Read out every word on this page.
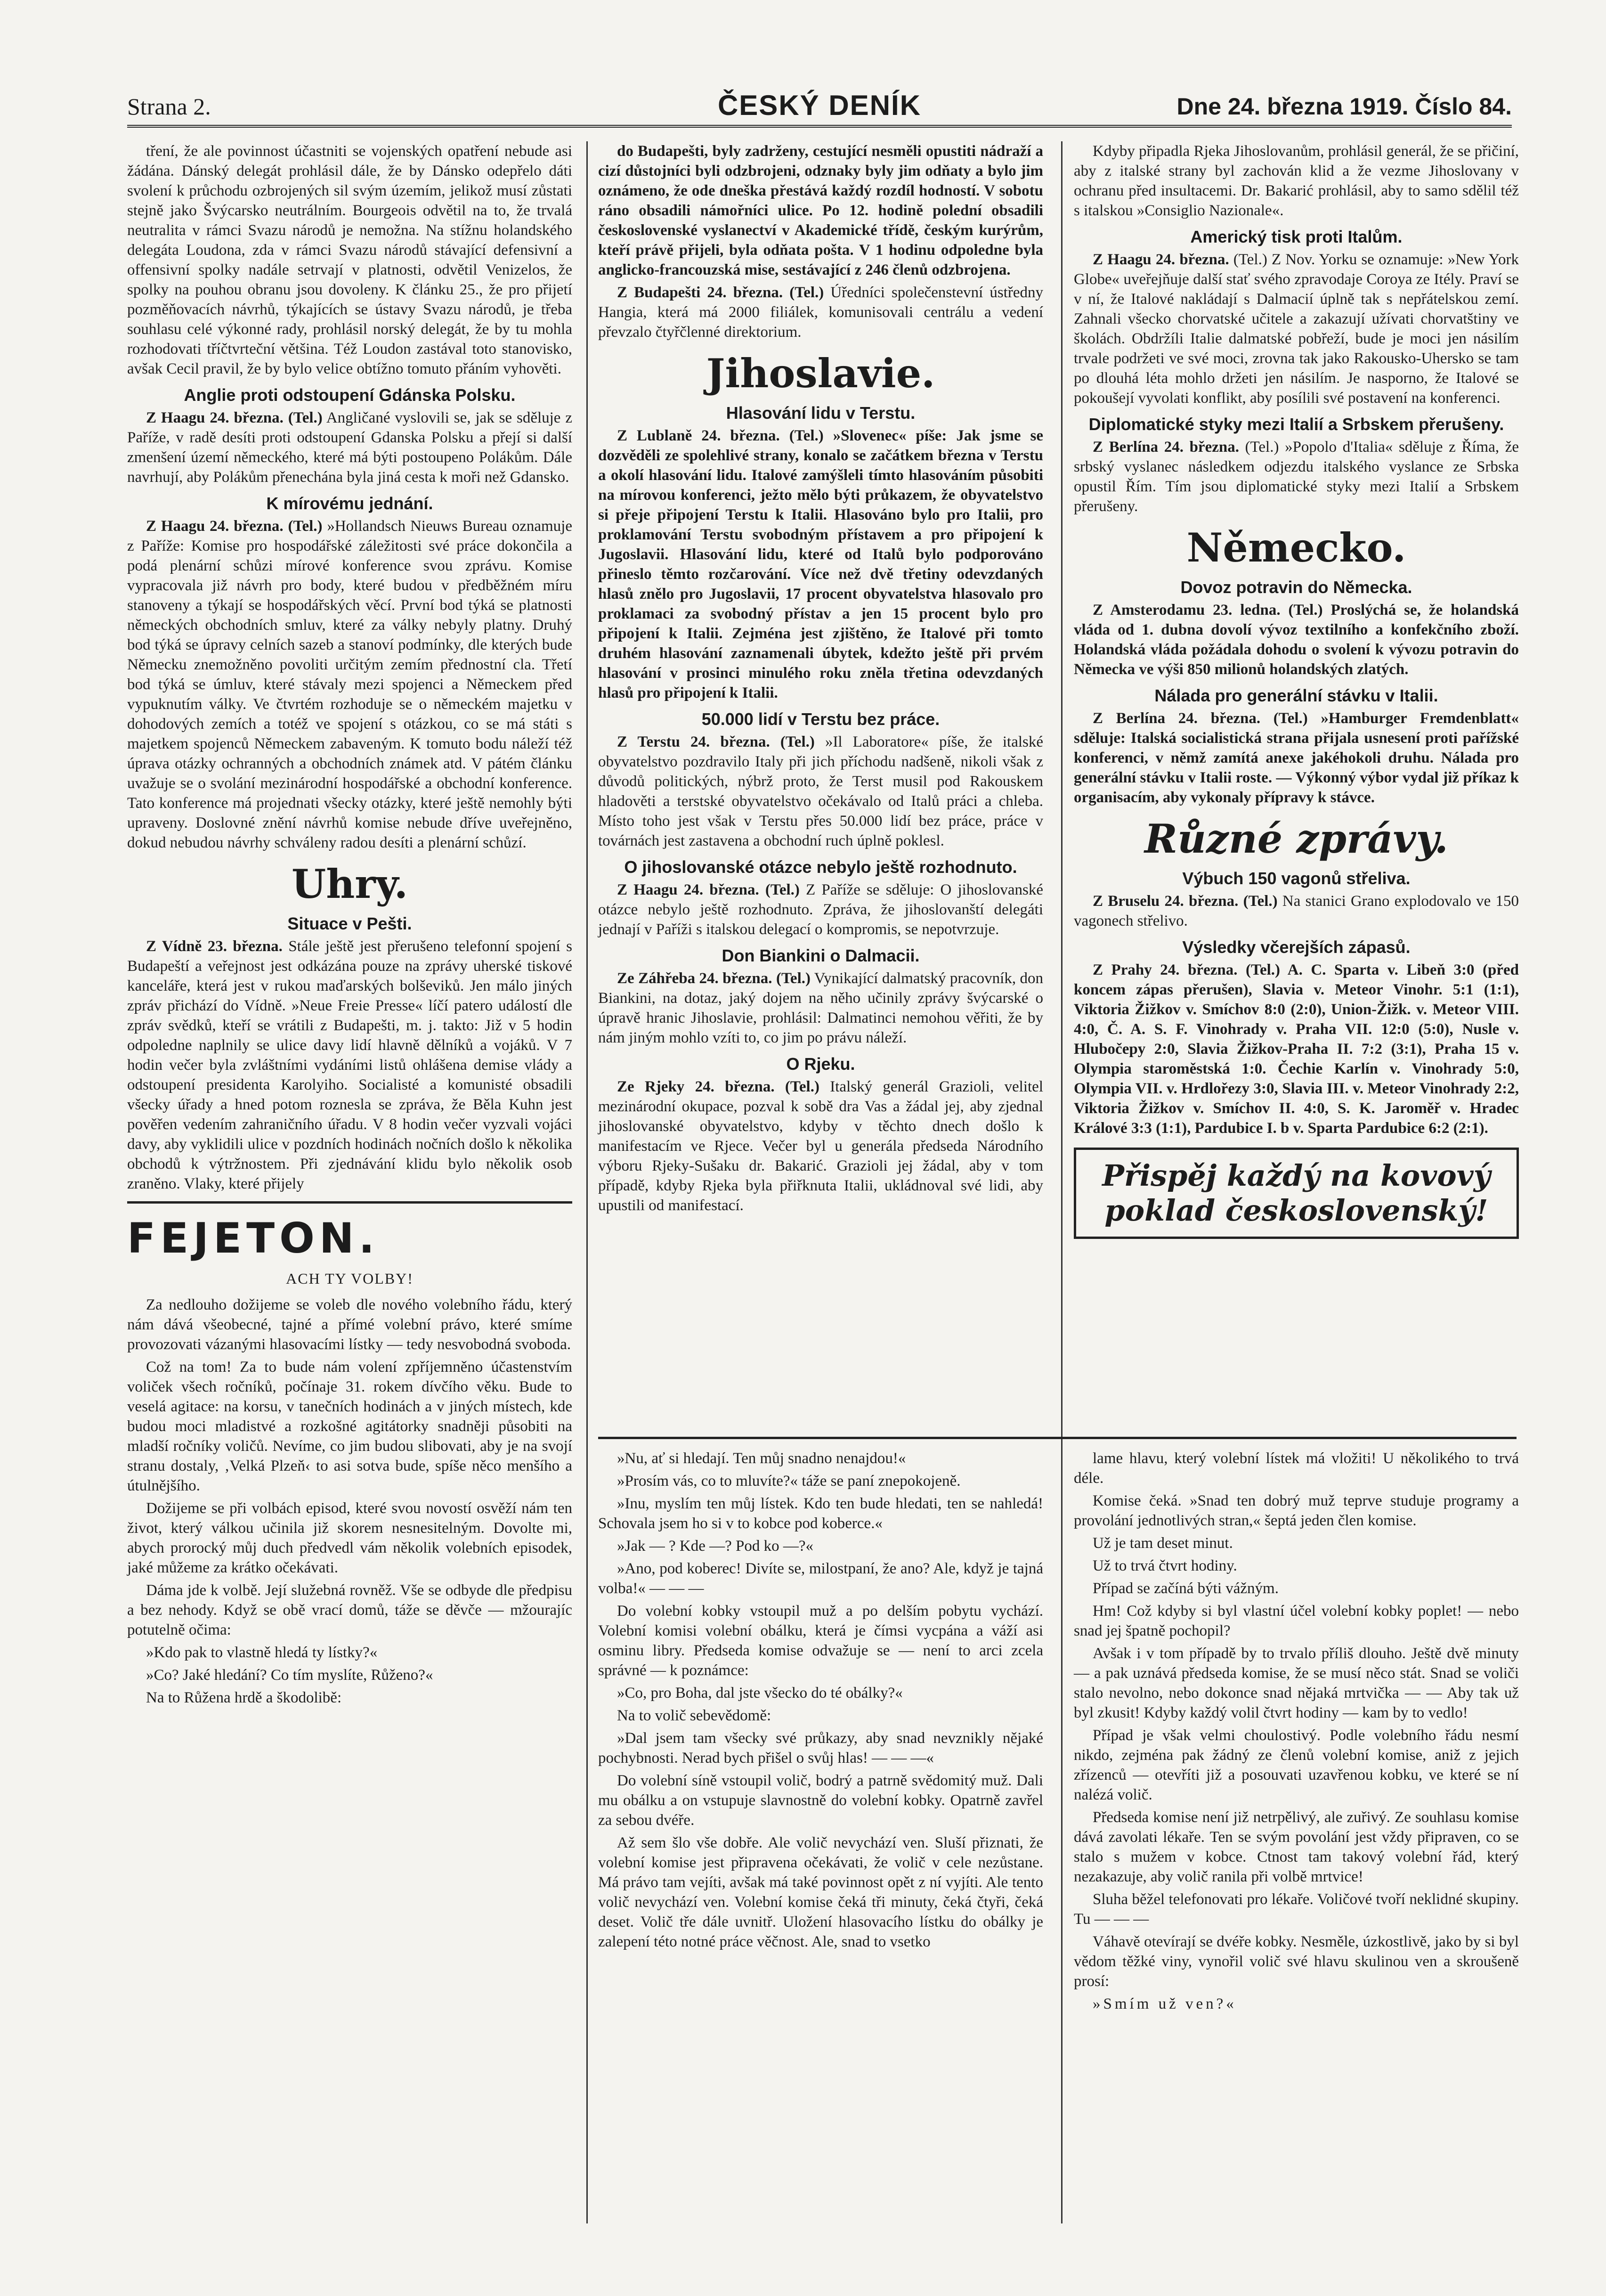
Strana 2.	ČESKÝ DENÍK	Dne 24. března 1919. Číslo 84.

tření, že ale povinnost účastniti se vojenských opatření nebude asi žádána. Dánský delegát prohlásil dále, že by Dánsko odepřelo dáti svolení k průchodu ozbrojených sil svým územím, jelikož musí zůstati stejně jako Švýcarsko neutrálním. Bourgeois odvětil na to, že trvalá neutralita v rámci Svazu národů je nemožna. Na stížnu holandského delegáta Loudona, zda v rámci Svazu národů stávající defensivní a offensivní spolky nadále setrvají v platnosti, odvětil Venizelos, že spolky na pouhou obranu jsou dovoleny. K článku 25., že pro přijetí pozměňovacích návrhů, týkajících se ústavy Svazu národů, je třeba souhlasu celé výkonné rady, prohlásil norský delegát, že by tu mohla rozhodovati tříčtvrteční většina. Též Loudon zastával toto stanovisko, avšak Cecil pravil, že by bylo velice obtížno tomuto přáním vyhověti.

Anglie proti odstoupení Gdánska Polsku.

Z Haagu 24. března. (Tel.) Angličané vyslovili se, jak se sděluje z Paříže, v radě desíti proti odstoupení Gdanska Polsku a přejí si další zmenšení území německého, které má býti postoupeno Polákům. Dále navrhují, aby Polákům přenechána byla jiná cesta k moři než Gdansko.

K mírovému jednání.

Z Haagu 24. března. (Tel.) »Hollandsch Nieuws Bureau oznamuje z Paříže: Komise pro hospodářské záležitosti své práce dokončila a podá plenární schůzi mírové konference svou zprávu. Komise vypracovala již návrh pro body, které budou v předběžném míru stanoveny a týkají se hospodářských věcí. První bod týká se platnosti německých obchodních smluv, které za války nebyly platny. Druhý bod týká se úpravy celních sazeb a stanoví podmínky, dle kterých bude Německu znemožněno povoliti určitým zemím přednostní cla. Třetí bod týká se úmluv, které stávaly mezi spojenci a Německem před vypuknutím války. Ve čtvrtém rozhoduje se o německém majetku v dohodových zemích a totéž ve spojení s otázkou, co se má státi s majetkem spojenců Německem zabaveným. K tomuto bodu náleží též úprava otázky ochranných a obchodních známek atd. V pátém článku uvažuje se o svolání mezinárodní hospodářské a obchodní konference. Tato konference má projednati všecky otázky, které ještě nemohly býti upraveny. Doslovné znění návrhů komise nebude dříve uveřejněno, dokud nebudou návrhy schváleny radou desíti a plenární schůzí.

Uhry.
Situace v Pešti.

Z Vídně 23. března. Stále ještě jest přerušeno telefonní spojení s Budapeští a veřejnost jest odkázána pouze na zprávy uherské tiskové kanceláře, která jest v rukou maďarských bolševiků. Jen málo jiných zpráv přichází do Vídně. »Neue Freie Presse« líčí patero událostí dle zpráv svědků, kteří se vrátili z Budapešti, m. j. takto: Již v 5 hodin odpoledne naplnily se ulice davy lidí hlavně dělníků a vojáků. V 7 hodin večer byla zvláštními vydáními listů ohlášena demise vlády a odstoupení presidenta Karolyiho. Socialisté a komunisté obsadili všecky úřady a hned potom roznesla se zpráva, že Běla Kuhn jest pověřen vedením zahraničního úřadu. V 8 hodin večer vyzvali vojáci davy, aby vyklidili ulice v pozdních hodinách nočních došlo k několika obchodů k výtržnostem. Při zjednávání klidu bylo několik osob zraněno. Vlaky, které přijely

FEJETON.
ACH TY VOLBY!

Za nedlouho dožijeme se voleb dle nového volebního řádu, který nám dává všeobecné, tajné a přímé volební právo, které smíme provozovati vázanými hlasovacími lístky — tedy nesvobodná svoboda.

Což na tom! Za to bude nám volení zpříjemněno účastenstvím voliček všech ročníků, počínaje 31. rokem dívčího věku. Bude to veselá agitace: na korsu, v tanečních hodinách a v jiných místech, kde budou moci mladistvé a rozkošné agitátorky snadněji působiti na mladší ročníky voličů. Nevíme, co jim budou slibovati, aby je na svojí stranu dostaly, ‚Velká Plzeň‹ to asi sotva bude, spíše něco menšího a útulnějšího.

Dožijeme se při volbách episod, které svou novostí osvěží nám ten život, který válkou učinila již skorem nesnesitelným. Dovolte mi, abych prorocký můj duch předvedl vám několik volebních episodek, jaké můžeme za krátko očekávati.

Dáma jde k volbě. Její služebná rovněž. Vše se odbyde dle předpisu a bez nehody. Když se obě vrací domů, táže se děvče — mžourajíc potutelně očima:

»Kdo pak to vlastně hledá ty lístky?«

»Co? Jaké hledání? Co tím myslíte, Růženo?«

Na to Růžena hrdě a škodolibě:

do Budapešti, byly zadrženy, cestující nesměli opustiti nádraží a cizí důstojníci byli odzbrojeni, odznaky byly jim odňaty a bylo jim oznámeno, že ode dneška přestává každý rozdíl hodností. V sobotu ráno obsadili námořníci ulice. Po 12. hodině polední obsadili československé vyslanectví v Akademické třídě, českým kurýrům, kteří právě přijeli, byla odňata pošta. V 1 hodinu odpoledne byla anglicko-francouzská mise, sestávající z 246 členů odzbrojena.

Z Budapešti 24. března. (Tel.) Úředníci společenstevní ústředny Hangia, která má 2000 filiálek, komunisovali centrálu a vedení převzalo čtyřčlenné direktorium.

Jihoslavie.
Hlasování lidu v Terstu.

Z Lublaně 24. března. (Tel.) »Slovenec« píše: Jak jsme se dozvěděli ze spolehlivé strany, konalo se začátkem března v Terstu a okolí hlasování lidu. Italové zamýšleli tímto hlasováním působiti na mírovou konferenci, ježto mělo býti průkazem, že obyvatelstvo si přeje připojení Terstu k Italii. Hlasováno bylo pro Italii, pro proklamování Terstu svobodným přístavem a pro připojení k Jugoslavii. Hlasování lidu, které od Italů bylo podporováno přineslo těmto rozčarování. Více než dvě třetiny odevzdaných hlasů znělo pro Jugoslavii, 17 procent obyvatelstva hlasovalo pro proklamaci za svobodný přístav a jen 15 procent bylo pro připojení k Italii. Zejména jest zjištěno, že Italové při tomto druhém hlasování zaznamenali úbytek, kdežto ještě při prvém hlasování v prosinci minulého roku zněla třetina odevzdaných hlasů pro připojení k Italii.

50.000 lidí v Terstu bez práce.

Z Terstu 24. března. (Tel.) »Il Laboratore« píše, že italské obyvatelstvo pozdravilo Italy při jich příchodu nadšeně, nikoli však z důvodů politických, nýbrž proto, že Terst musil pod Rakouskem hladověti a terstské obyvatelstvo očekávalo od Italů práci a chleba. Místo toho jest však v Terstu přes 50.000 lidí bez práce, práce v továrnách jest zastavena a obchodní ruch úplně poklesl.

O jihoslovanské otázce nebylo ještě rozhodnuto.

Z Haagu 24. března. (Tel.) Z Paříže se sděluje: O jihoslovanské otázce nebylo ještě rozhodnuto. Zpráva, že jihoslovanští delegáti jednají v Paříži s italskou delegací o kompromis, se nepotvrzuje.

Don Biankini o Dalmacii.

Ze Záhřeba 24. března. (Tel.) Vynikající dalmatský pracovník, don Biankini, na dotaz, jaký dojem na něho učinily zprávy švýcarské o úpravě hranic Jihoslavie, prohlásil: Dalmatinci nemohou věřiti, že by nám jiným mohlo vzíti to, co jim po právu náleží.

O Rjeku.

Ze Rjeky 24. března. (Tel.) Italský generál Grazioli, velitel mezinárodní okupace, pozval k sobě dra Vas a žádal jej, aby zjednal jihoslovanské obyvatelstvo, kdyby v těchto dnech došlo k manifestacím ve Rjece. Večer byl u generála předseda Národního výboru Rjeky-Sušaku dr. Bakarić. Grazioli jej žádal, aby v tom případě, kdyby Rjeka byla přiřknuta Italii, ukládnoval své lidi, aby upustili od manifestací.

Kdyby připadla Rjeka Jihoslovanům, prohlásil generál, že se přičiní, aby z italské strany byl zachován klid a že vezme Jihoslovany v ochranu před insultacemi. Dr. Bakarić prohlásil, aby to samo sdělil též s italskou »Consiglio Nazionale«.

Americký tisk proti Italům.

Z Haagu 24. března. (Tel.) Z Nov. Yorku se oznamuje: »New York Globe« uveřejňuje další stať svého zpravodaje Coroya ze Itély. Praví se v ní, že Italové nakládají s Dalmacií úplně tak s nepřátelskou zemí. Zahnali všecko chorvatské učitele a zakazují užívati chorvatštiny ve školách. Obdržíli Italie dalmatské pobřeží, bude je moci jen násilím trvale podržeti ve své moci, zrovna tak jako Rakousko-Uhersko se tam po dlouhá léta mohlo držeti jen násilím. Je nasporno, že Italové se pokoušejí vyvolati konflikt, aby posílili své postavení na konferenci.

Diplomatické styky mezi Italií a Srbskem přerušeny.

Z Berlína 24. března. (Tel.) »Popolo d'Italia« sděluje z Říma, že srbský vyslanec následkem odjezdu italského vyslance ze Srbska opustil Řím. Tím jsou diplomatické styky mezi Italií a Srbskem přerušeny.

Německo.
Dovoz potravin do Německa.

Z Amsterodamu 23. ledna. (Tel.) Proslýchá se, že holandská vláda od 1. dubna dovolí vývoz textilního a konfekčního zboží. Holandská vláda požádala dohodu o svolení k vývozu potravin do Německa ve výši 850 milionů holandských zlatých.

Nálada pro generální stávku v Italii.

Z Berlína 24. března. (Tel.) »Hamburger Fremdenblatt« sděluje: Italská socialistická strana přijala usnesení proti pařížské konferenci, v němž zamítá anexe jakéhokoli druhu. Nálada pro generální stávku v Italii roste. — Výkonný výbor vydal již příkaz k organisacím, aby vykonaly přípravy k stávce.

Různé zprávy.
Výbuch 150 vagonů střeliva.

Z Bruselu 24. března. (Tel.) Na stanici Grano explodovalo ve 150 vagonech střelivo.

Výsledky včerejších zápasů.

Z Prahy 24. března. (Tel.) A. C. Sparta v. Libeň 3:0 (před koncem zápas přerušen), Slavia v. Meteor Vinohr. 5:1 (1:1), Viktoria Žižkov v. Smíchov 8:0 (2:0), Union-Žižk. v. Meteor VIII. 4:0, Č. A. S. F. Vinohrady v. Praha VII. 12:0 (5:0), Nusle v. Hlubočepy 2:0, Slavia Žižkov-Praha II. 7:2 (3:1), Praha 15 v. Olympia staroměstská 1:0. Čechie Karlín v. Vinohrady 5:0, Olympia VII. v. Hrdlořezy 3:0, Slavia III. v. Meteor Vinohrady 2:2, Viktoria Žižkov v. Smíchov II. 4:0, S. K. Jaroměř v. Hradec Králové 3:3 (1:1), Pardubice I. b v. Sparta Pardubice 6:2 (2:1).

Přispěj každý na kovový poklad československý!

»Nu, ať si hledají. Ten můj snadno nenajdou!«

»Prosím vás, co to mluvíte?« táže se paní znepokojeně.

»Inu, myslím ten můj lístek. Kdo ten bude hledati, ten se nahledá! Schovala jsem ho si v to kobce pod koberce.«

»Jak — ? Kde —? Pod ko —?«

»Ano, pod koberec! Divíte se, milostpaní, že ano? Ale, když je tajná volba!« — — —

Do volební kobky vstoupil muž a po delším pobytu vychází. Volební komisi volební obálku, která je čímsi vycpána a váží asi osminu libry. Předseda komise odvažuje se — není to arci zcela správné — k poznámce:

»Co, pro Boha, dal jste všecko do té obálky?«

Na to volič sebevědomě:

»Dal jsem tam všecky své průkazy, aby snad nevznikly nějaké pochybnosti. Nerad bych přišel o svůj hlas! — — —«

Do volební síně vstoupil volič, bodrý a patrně svědomitý muž. Dali mu obálku a on vstupuje slavnostně do volební kobky. Opatrně zavřel za sebou dvéře.

Až sem šlo vše dobře. Ale volič nevychází ven. Sluší přiznati, že volební komise jest připravena očekávati, že volič v cele nezůstane. Má právo tam vejíti, avšak má také povinnost opět z ní vyjíti. Ale tento volič nevychází ven. Volební komise čeká tři minuty, čeká čtyři, čeká deset. Volič tře dále uvnitř. Uložení hlasovacího lístku do obálky je zalepení této notné práce věčnost. Ale, snad to vsetko

lame hlavu, který volební lístek má vložiti! U několikého to trvá déle.

Komise čeká. »Snad ten dobrý muž teprve studuje programy a provolání jednotlivých stran,« šeptá jeden člen komise.

Už je tam deset minut.

Už to trvá čtvrt hodiny.

Případ se začíná býti vážným.

Hm! Což kdyby si byl vlastní účel volební kobky poplet! — nebo snad jej špatně pochopil?

Avšak i v tom případě by to trvalo příliš dlouho. Ještě dvě minuty — a pak uznává předseda komise, že se musí něco stát. Snad se voliči stalo nevolno, nebo dokonce snad nějaká mrtvička — — Aby tak už byl zkusit! Kdyby každý volil čtvrt hodiny — kam by to vedlo!

Případ je však velmi choulostivý. Podle volebního řádu nesmí nikdo, zejména pak žádný ze členů volební komise, aniž z jejich zřízenců — otevříti již a posouvati uzavřenou kobku, ve které se ní nalézá volič.

Předseda komise není již netrpělivý, ale zuřivý. Ze souhlasu komise dává zavolati lékaře. Ten se svým povolání jest vždy připraven, co se stalo s mužem v kobce. Ctnost tam takový volební řád, který nezakazuje, aby volič ranila při volbě mrtvice!

Sluha běžel telefonovati pro lékaře. Voličové tvoří neklidné skupiny. Tu — — —

Váhavě otevírají se dvéře kobky. Nesměle, úzkostlivě, jako by si byl vědom těžké viny, vynořil volič své hlavu skulinou ven a skroušeně prosí:

»Smím už ven?«
